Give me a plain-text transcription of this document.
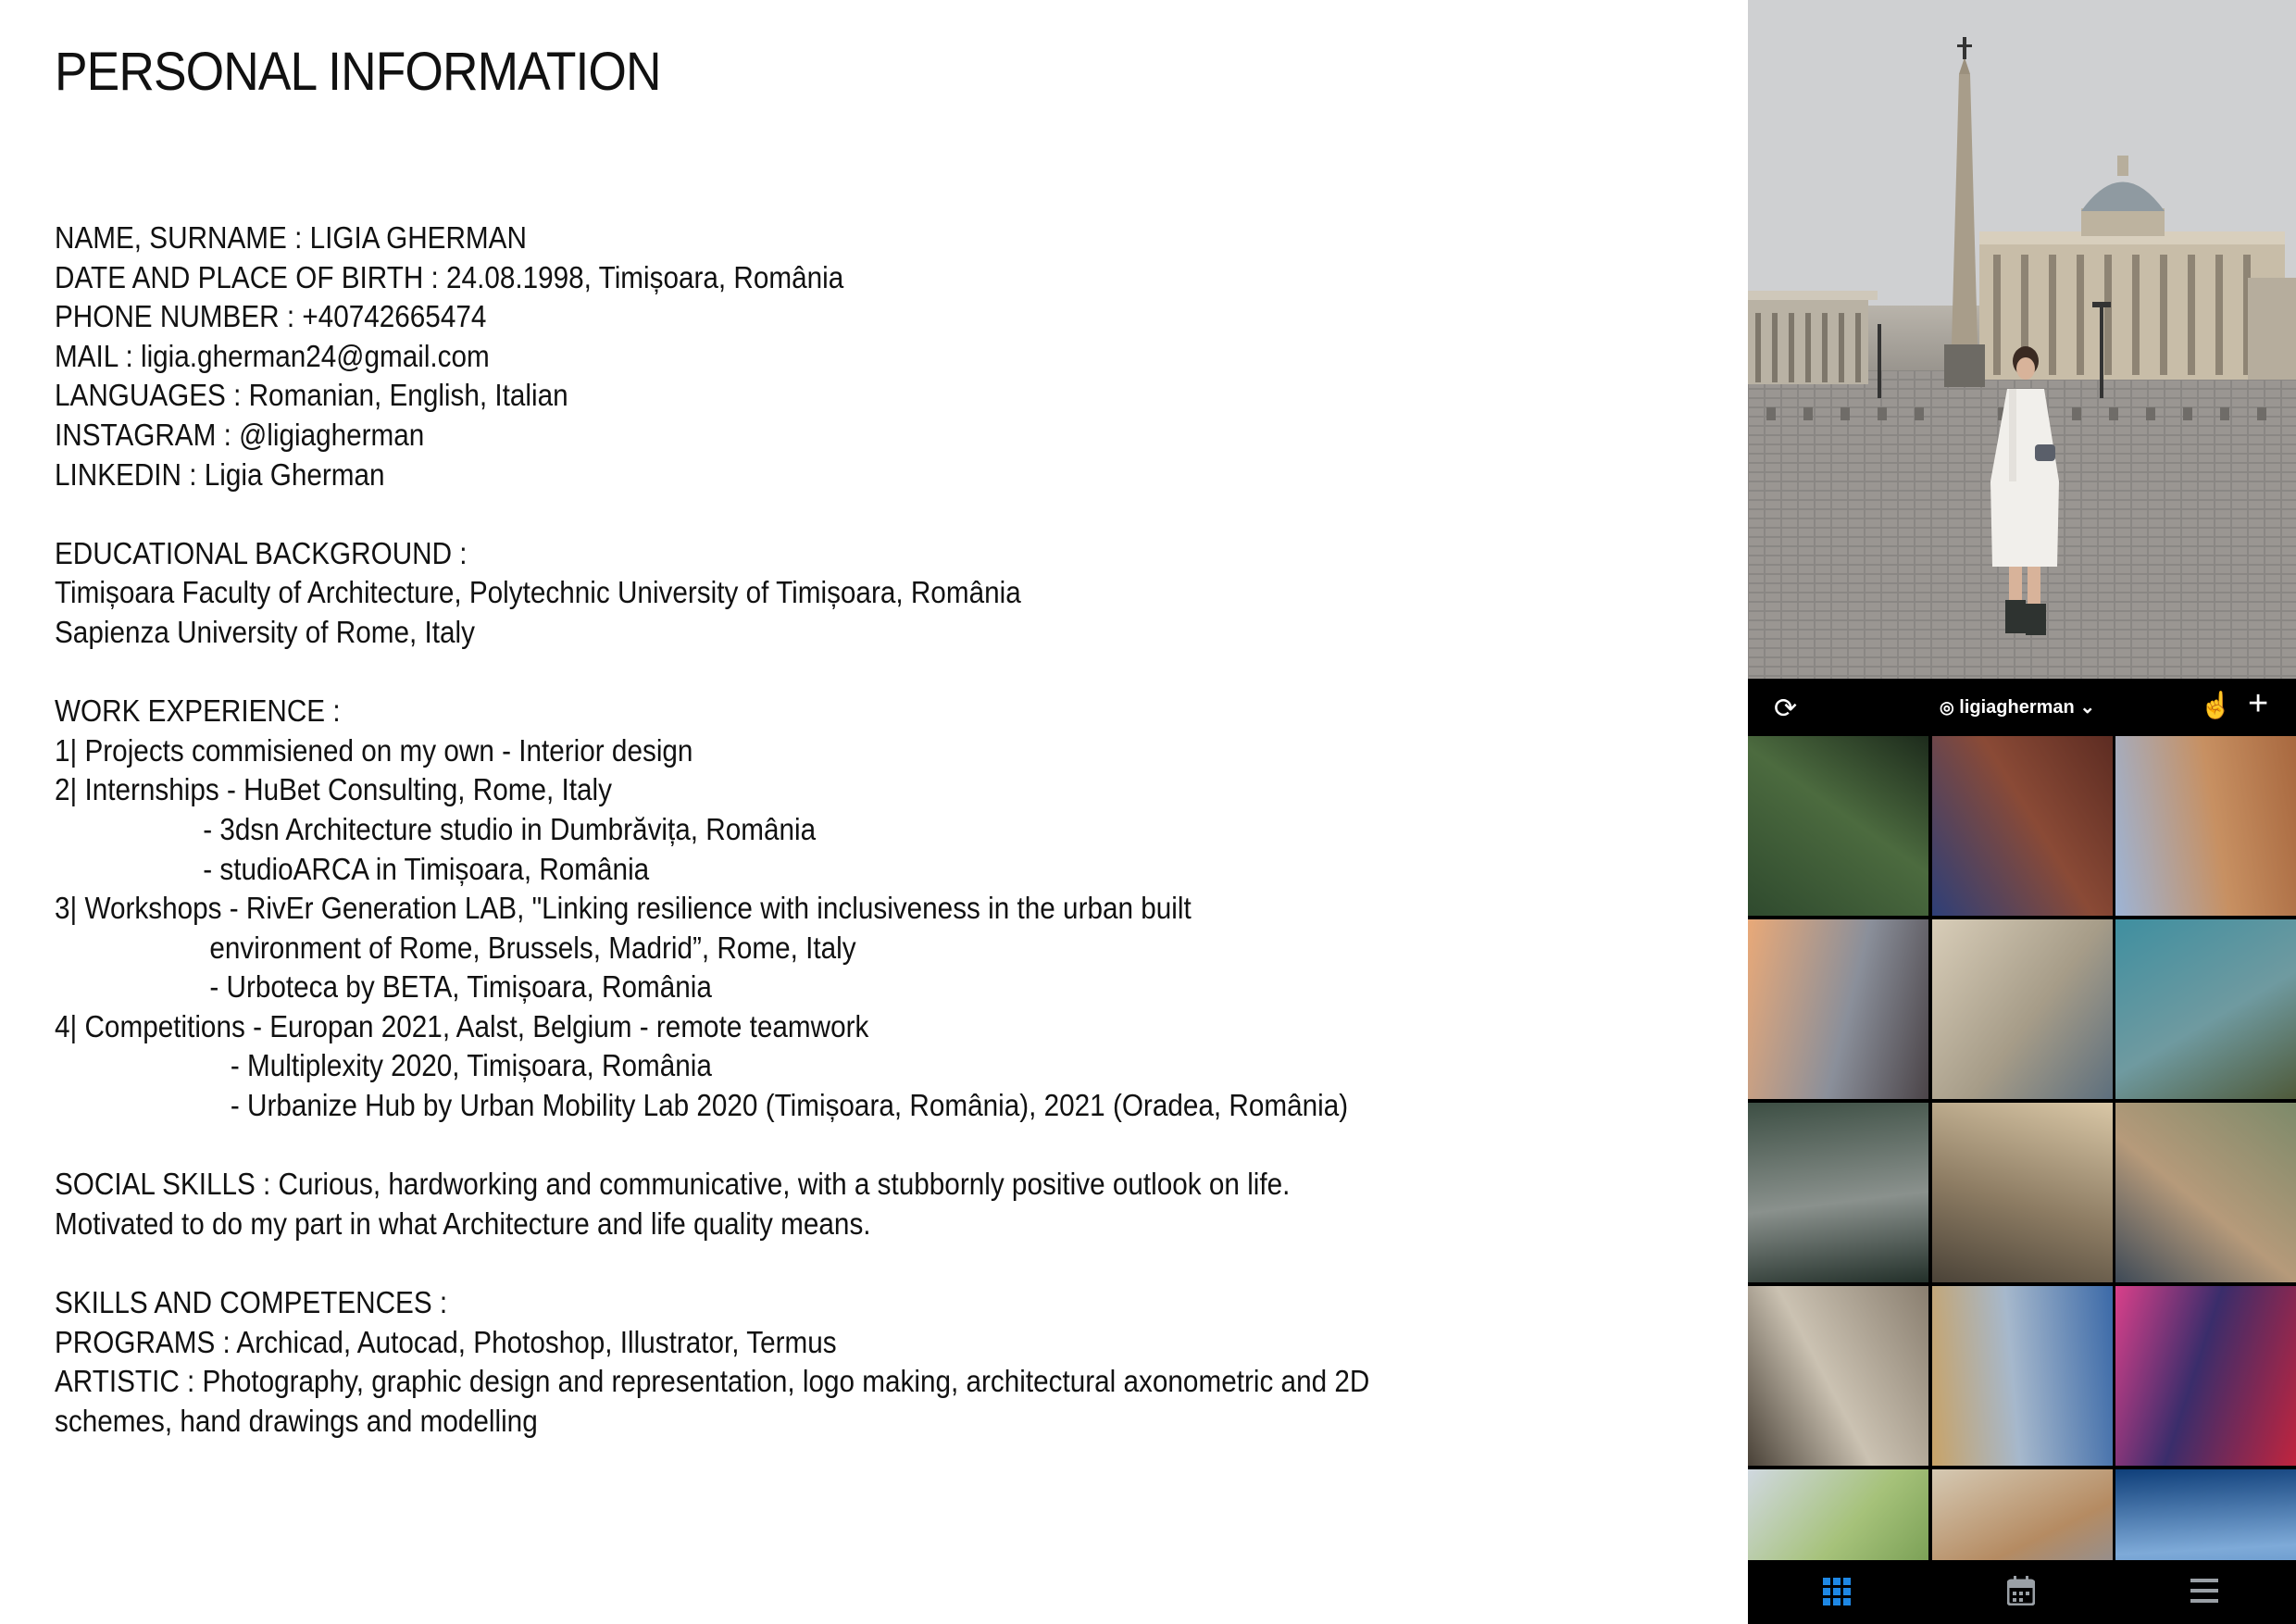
PERSONAL INFORMATION
NAME, SURNAME : LIGIA GHERMAN
DATE AND PLACE OF BIRTH : 24.08.1998, Timișoara, România
PHONE NUMBER : +40742665474
MAIL : ligia.gherman24@gmail.com
LANGUAGES : Romanian, English, Italian
INSTAGRAM : @ligiagherman
LINKEDIN : Ligia Gherman
EDUCATIONAL BACKGROUND :
Timișoara Faculty of Architecture, Polytechnic University of Timișoara, România
Sapienza University of Rome, Italy
WORK EXPERIENCE :
1| Projects commisiened on my own - Interior design
2| Internships - HuBet Consulting, Rome, Italy
- 3dsn Architecture studio in Dumbrăvița, România
- studioARCA in Timișoara, România
3| Workshops - RivEr Generation LAB, "Linking resilience with inclusiveness in the urban built
environment of Rome, Brussels, Madrid”, Rome, Italy
- Urboteca by BETA, Timișoara, România
4| Competitions - Europan 2021, Aalst, Belgium - remote teamwork
- Multiplexity 2020, Timișoara, România
- Urbanize Hub by Urban Mobility Lab 2020 (Timișoara, România), 2021 (Oradea, România)
SOCIAL SKILLS : Curious, hardworking and communicative, with a stubbornly positive outlook on life.
Motivated to do my part in what Architecture and life quality means.
SKILLS AND COMPETENCES :
PROGRAMS : Archicad, Autocad, Photoshop, Illustrator, Termus
ARTISTIC : Photography, graphic design and representation, logo making, architectural axonometric and 2D
schemes, hand drawings and modelling
⟳	◎ ligiagherman ⌄	☝ +
